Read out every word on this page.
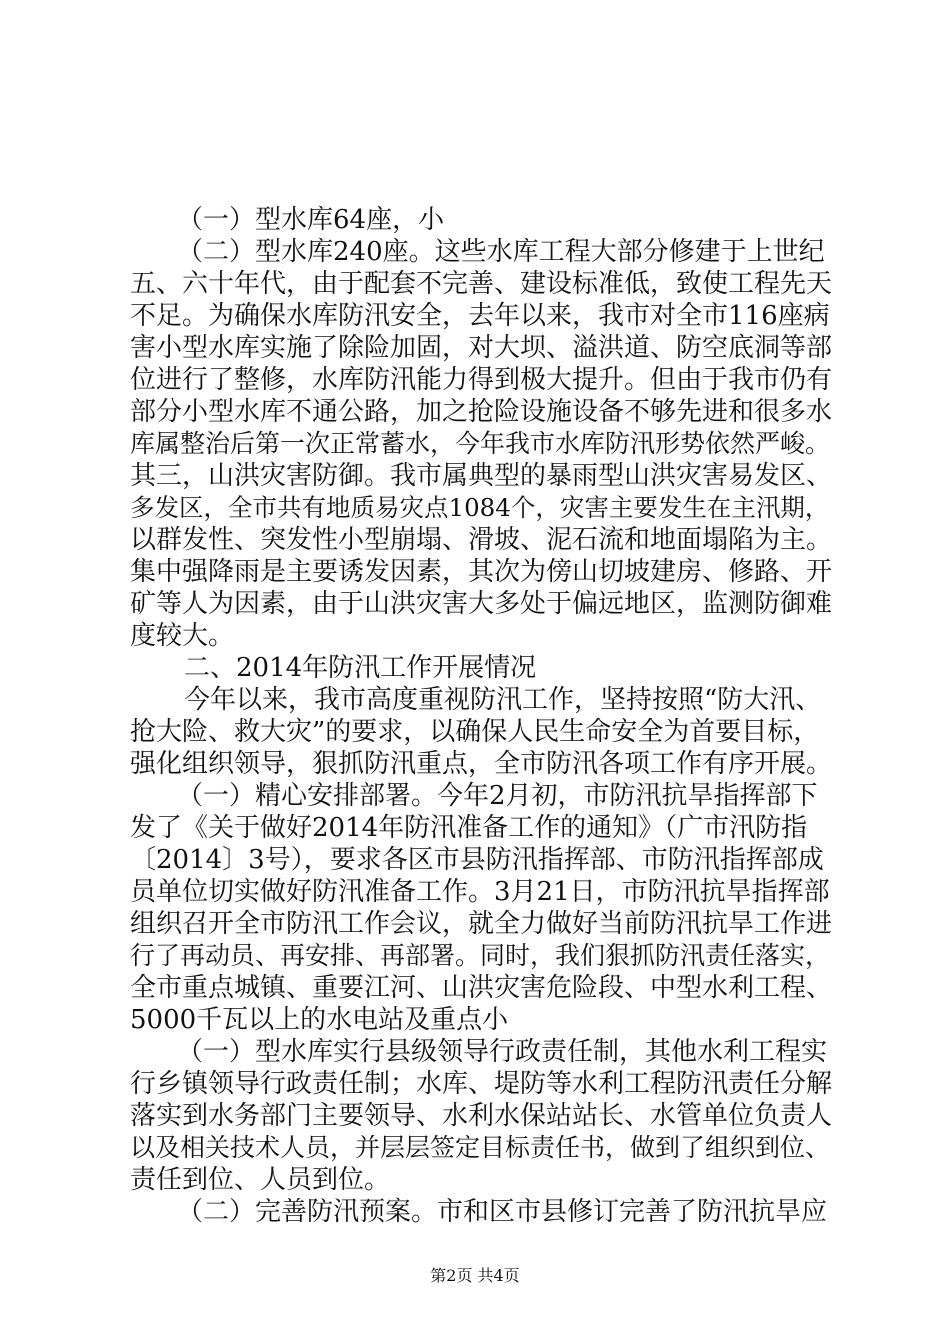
（一）型水库64座，小
（二）型水库240座。这些水库工程大部分修建于上世纪
五、六十年代，由于配套不完善、建设标准低，致使工程先天
不足。为确保水库防汛安全，去年以来，我市对全市116座病
害小型水库实施了除险加固，对大坝、溢洪道、防空底洞等部
位进行了整修，水库防汛能力得到极大提升。但由于我市仍有
部分小型水库不通公路，加之抢险设施设备不够先进和很多水
库属整治后第一次正常蓄水，今年我市水库防汛形势依然严峻。
其三，山洪灾害防御。我市属典型的暴雨型山洪灾害易发区、
多发区，全市共有地质易灾点1084个，灾害主要发生在主汛期，
以群发性、突发性小型崩塌、滑坡、泥石流和地面塌陷为主。
集中强降雨是主要诱发因素，其次为傍山切坡建房、修路、开
矿等人为因素，由于山洪灾害大多处于偏远地区，监测防御难
度较大。
二、2014年防汛工作开展情况
今年以来，我市高度重视防汛工作，坚持按照“防大汛、
抢大险、救大灾”的要求，以确保人民生命安全为首要目标，
强化组织领导，狠抓防汛重点，全市防汛各项工作有序开展。
（一）精心安排部署。今年2月初，市防汛抗旱指挥部下
发了《关于做好2014年防汛准备工作的通知》（广市汛防指
〔2014〕3号），要求各区市县防汛指挥部、市防汛指挥部成
员单位切实做好防汛准备工作。3月21日，市防汛抗旱指挥部
组织召开全市防汛工作会议，就全力做好当前防汛抗旱工作进
行了再动员、再安排、再部署。同时，我们狠抓防汛责任落实，
全市重点城镇、重要江河、山洪灾害危险段、中型水利工程、
5000千瓦以上的水电站及重点小
（一）型水库实行县级领导行政责任制，其他水利工程实
行乡镇领导行政责任制；水库、堤防等水利工程防汛责任分解
落实到水务部门主要领导、水利水保站站长、水管单位负责人
以及相关技术人员，并层层签定目标责任书，做到了组织到位、
责任到位、人员到位。
（二）完善防汛预案。市和区市县修订完善了防汛抗旱应
第2页 共4页
